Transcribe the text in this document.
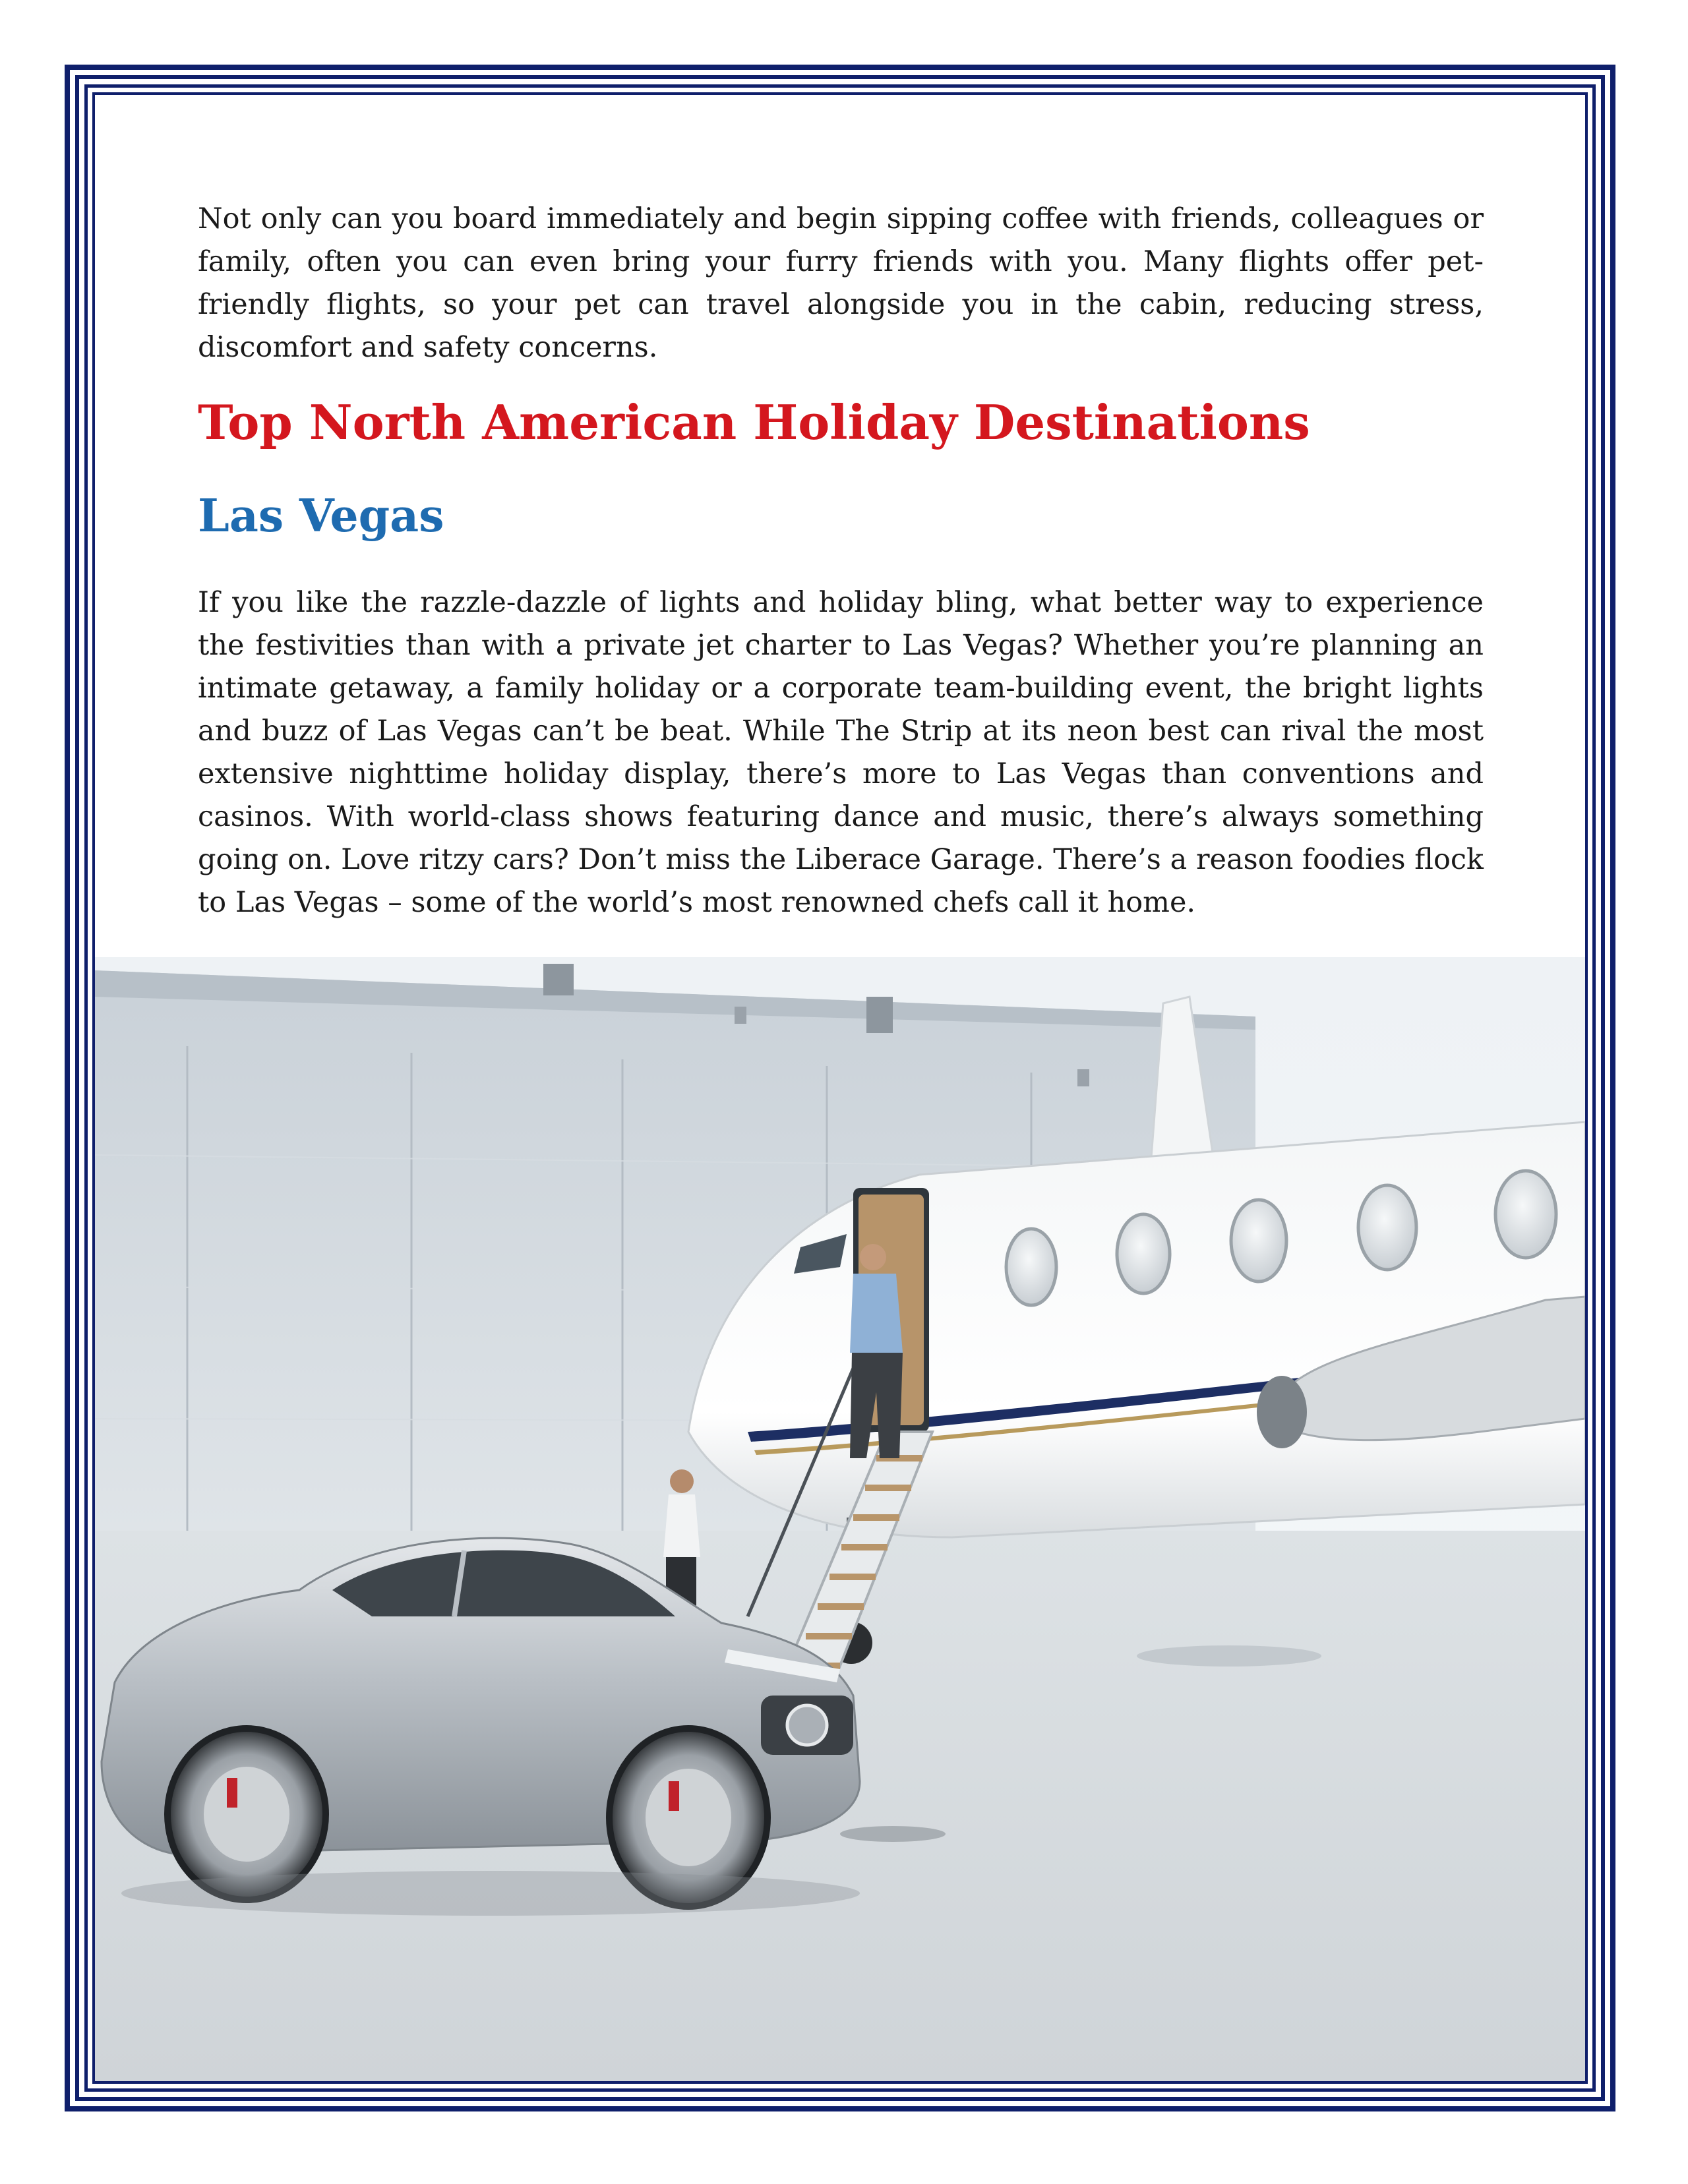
Not only can you board immediately and begin sipping coffee with friends, colleagues or family, often you can even bring your furry friends with you. Many flights offer pet-friendly flights, so your pet can travel alongside you in the cabin, reducing stress, discomfort and safety concerns.

Top North American Holiday Destinations
Las Vegas

If you like the razzle-dazzle of lights and holiday bling, what better way to experience the festivities than with a private jet charter to Las Vegas? Whether you’re planning an intimate getaway, a family holiday or a corporate team-building event, the bright lights and buzz of Las Vegas can’t be beat. While The Strip at its neon best can rival the most extensive nighttime holiday display, there’s more to Las Vegas than conventions and casinos. With world-class shows featuring dance and music, there’s always something going on. Love ritzy cars? Don’t miss the Liberace Garage. There’s a reason foodies flock to Las Vegas – some of the world’s most renowned chefs call it home.
